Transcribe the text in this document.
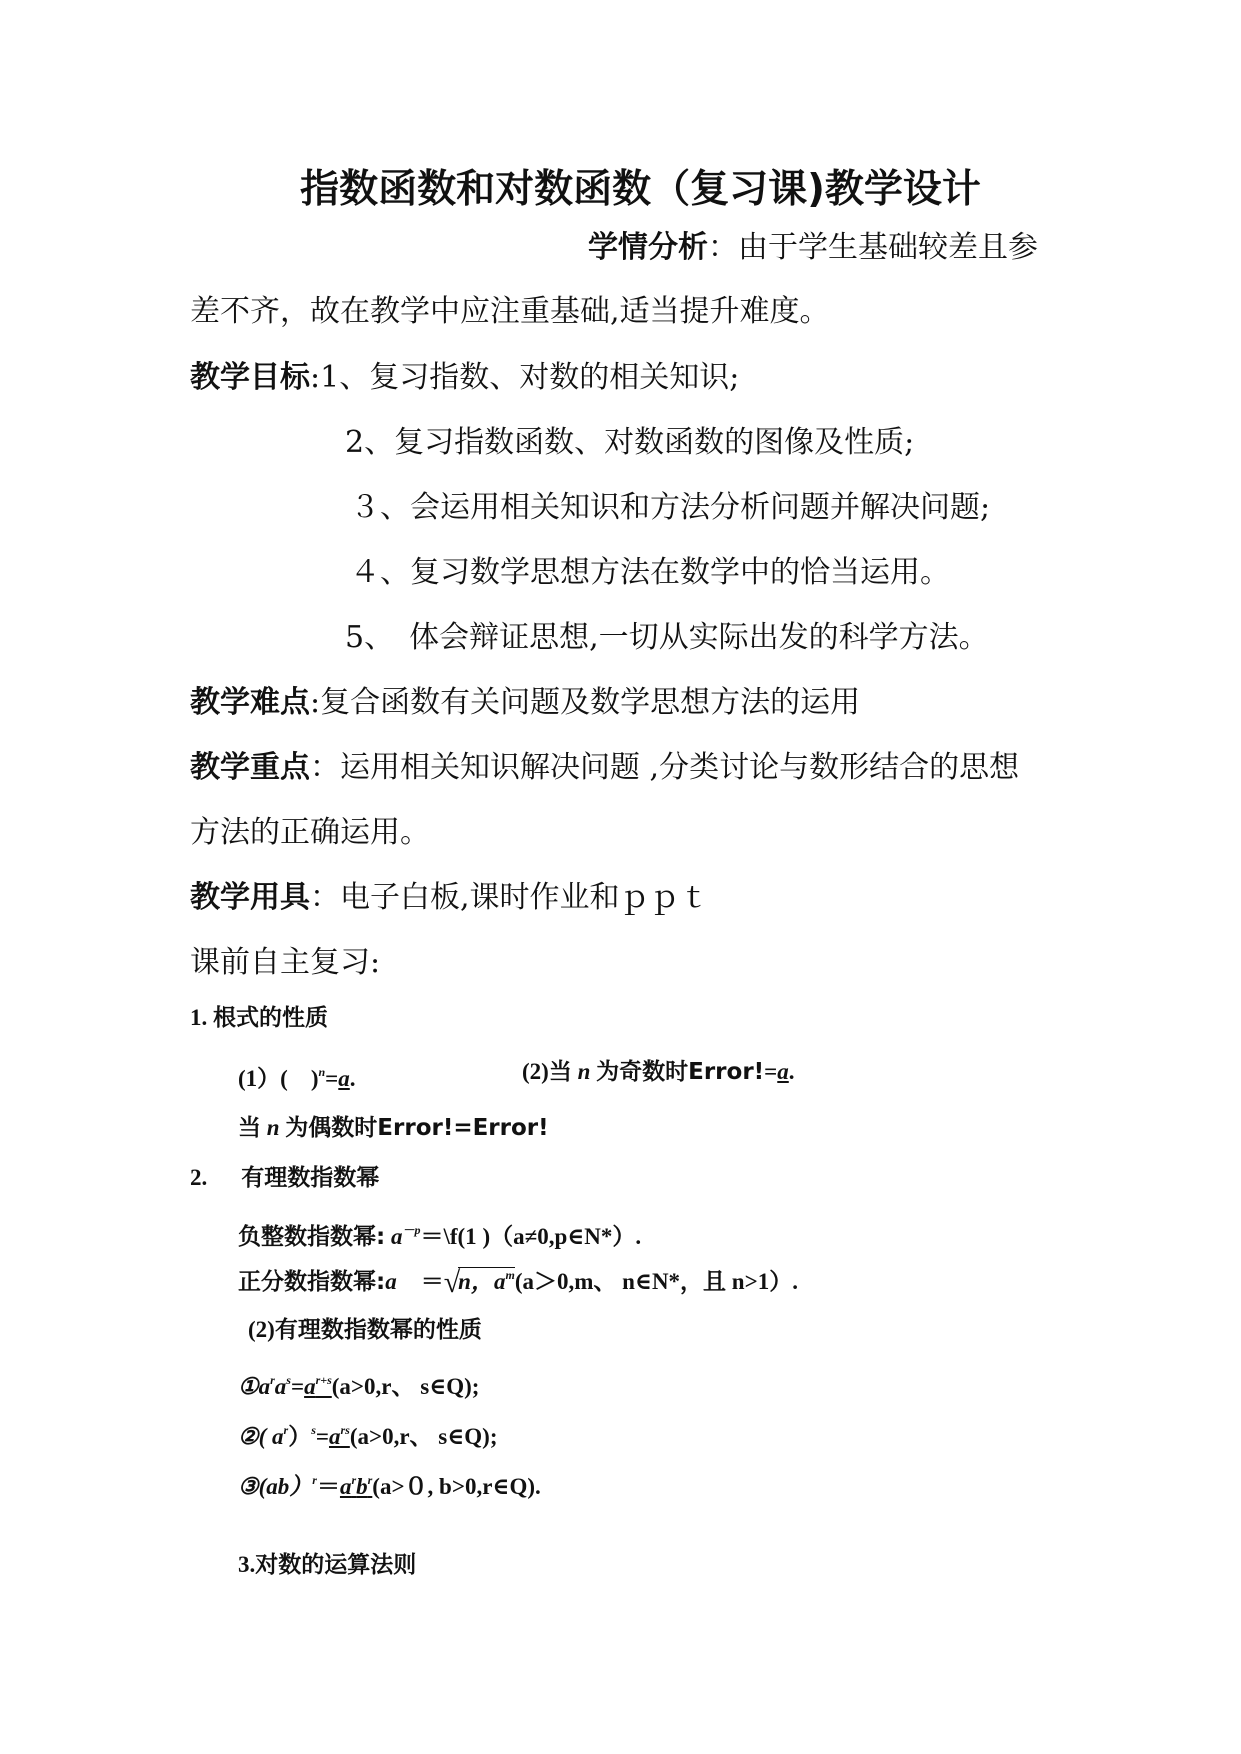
指数函数和对数函数（复习课)教学设计
学情分析：由于学生基础较差且参
差不齐，故在教学中应注重基础,适当提升难度。
教学目标:1、复习指数、对数的相关知识;
2、复习指数函数、对数函数的图像及性质;
３、会运用相关知识和方法分析问题并解决问题;
４、复习数学思想方法在数学中的恰当运用。
5、　体会辩证思想,一切从实际出发的科学方法。
教学难点:复合函数有关问题及数学思想方法的运用
教学重点：运用相关知识解决问题 ,分类讨论与数形结合的思想
方法的正确运用。
教学用具：电子白板,课时作业和ｐｐｔ
课前自主复习:
1. 根式的性质
(1）(　)$^n$=a.	(2)当 n 为奇数时Error!=a.
当 n 为偶数时Error!=Error!
2. 有理数指数幂
负整数指数幂: $a^{-p}=\backslash f(1$ )（a≠0,p∈N*）.
正分数指数幂:a ＝√n，$a^m(a>0,m$、 n∈N*，且 n>1）.
(2)有理数指数幂的性质
$①a^ra^s=a^{r+s}(a>0,r$、 s∈Q);
②( $a^r)^s=a^{rs}(a>0,r$、 s∈Q);
$③(ab)^r=a^rb^r(a>0$, b>0,r∈Q).
3.对数的运算法则
